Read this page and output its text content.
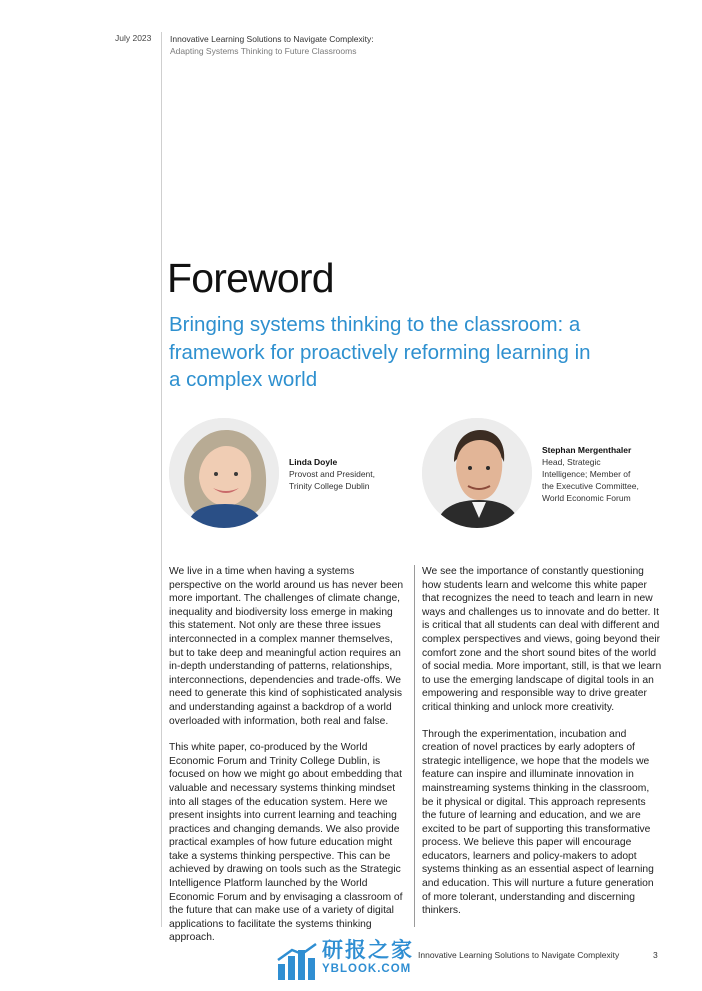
July 2023 Innovative Learning Solutions to Navigate Complexity:
Adapting Systems Thinking to Future Classrooms
Foreword

Bringing systems thinking to the classroom: a framework for proactively reforming learning in a complex world

Linda Doyle
Provost and President,
Trinity College Dublin
Stephan Mergenthaler
Head, Strategic
Intelligence; Member of
the Executive Committee,
World Economic Forum

We live in a time when having a systems perspective on the world around us has never been more important. The challenges of climate change, inequality and biodiversity loss emerge in making this statement. Not only are these three issues interconnected in a complex manner themselves, but to take deep and meaningful action requires an in-depth understanding of patterns, relationships, interconnections, dependencies and trade-offs. We need to generate this kind of sophisticated analysis and understanding against a backdrop of a world overloaded with information, both real and false.

This white paper, co-produced by the World Economic Forum and Trinity College Dublin, is focused on how we might go about embedding that valuable and necessary systems thinking mindset into all stages of the education system. Here we present insights into current learning and teaching practices and changing demands. We also provide practical examples of how future education might take a systems thinking perspective. This can be achieved by drawing on tools such as the Strategic Intelligence Platform launched by the World Economic Forum and by envisaging a classroom of the future that can make use of a variety of digital applications to facilitate the systems thinking approach.

We see the importance of constantly questioning how students learn and welcome this white paper that recognizes the need to teach and learn in new ways and challenges us to innovate and do better. It is critical that all students can deal with different and complex perspectives and views, going beyond their comfort zone and the short sound bites of the world of social media. More important, still, is that we learn to use the emerging landscape of digital tools in an empowering and responsible way to drive greater critical thinking and unlock more creativity.

Through the experimentation, incubation and creation of novel practices by early adopters of strategic intelligence, we hope that the models we feature can inspire and illuminate innovation in mainstreaming systems thinking in the classroom, be it physical or digital. This approach represents the future of learning and education, and we are excited to be part of supporting this transformative process. We believe this paper will encourage educators, learners and policy-makers to adopt systems thinking as an essential aspect of learning and education. This will nurture a future generation of more tolerant, understanding and discerning thinkers.

研报之家
YBLOOK.COM
Innovative Learning Solutions to Navigate Complexity	3
